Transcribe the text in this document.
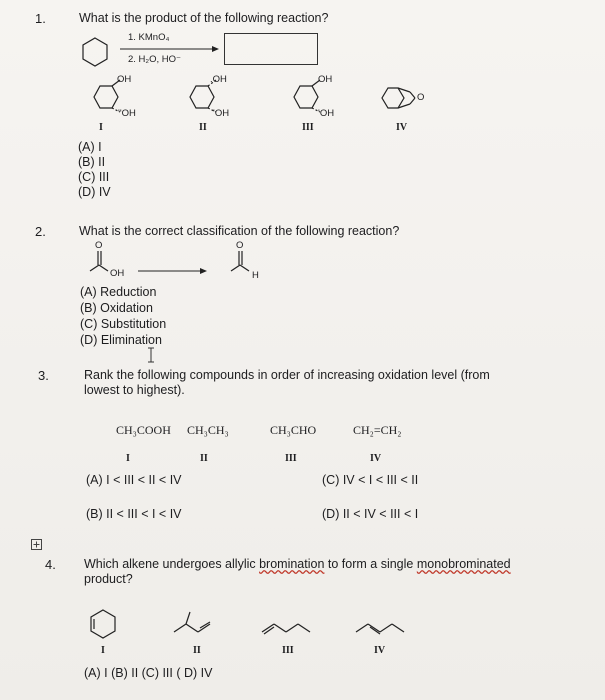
1.	What is the product of the following reaction?
1. KMnO₄
2. H₂O, HO⁻
OH
''OH
I
.OH
'OH
II
OH
'OH
III
O
IV
(A) I
(B) II
(C) III
(D) IV
2.	What is the correct classification of the following reaction?
O
OH
O
H
(A) Reduction
(B) Oxidation
(C) Substitution
(D) Elimination
3.	Rank the following compounds in order of increasing oxidation level (from
lowest to highest).
CH₃COOH CH₃CH₃	CH₃CHO	CH₂=CH₂
I	II	III	IV
(A) I < III < II < IV	(C) IV < I < III < II
(B) II < III < I < IV	(D) II < IV < III < I
4. Which alkene undergoes allylic bromination to form a single monobrominated
product?
I	II	III	IV
(A) I (B) II (C) III ( D) IV
